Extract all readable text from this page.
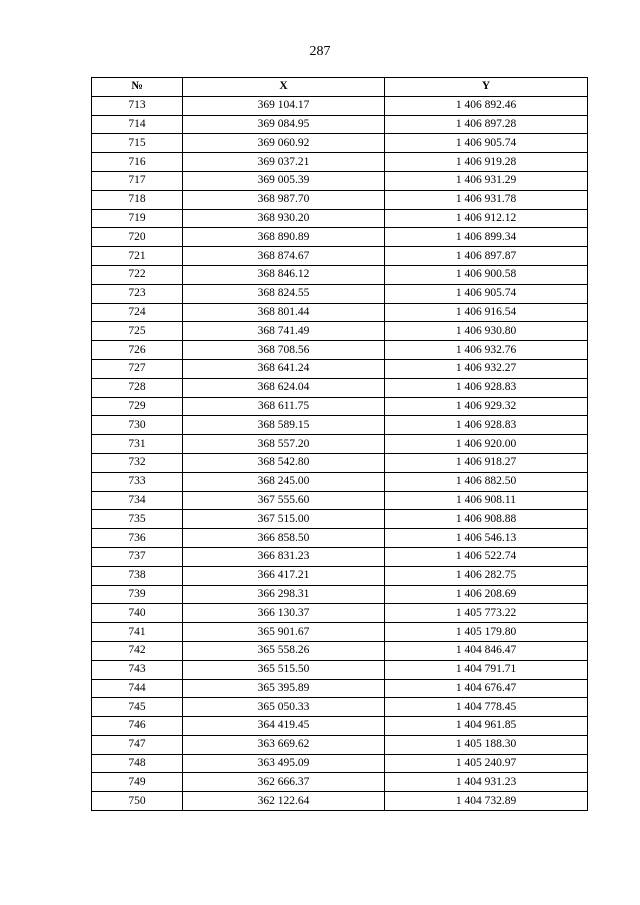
287
№	X	Y
713	369 104.17	1 406 892.46
714	369 084.95	1 406 897.28
715	369 060.92	1 406 905.74
716	369 037.21	1 406 919.28
717	369 005.39	1 406 931.29
718	368 987.70	1 406 931.78
719	368 930.20	1 406 912.12
720	368 890.89	1 406 899.34
721	368 874.67	1 406 897.87
722	368 846.12	1 406 900.58
723	368 824.55	1 406 905.74
724	368 801.44	1 406 916.54
725	368 741.49	1 406 930.80
726	368 708.56	1 406 932.76
727	368 641.24	1 406 932.27
728	368 624.04	1 406 928.83
729	368 611.75	1 406 929.32
730	368 589.15	1 406 928.83
731	368 557.20	1 406 920.00
732	368 542.80	1 406 918.27
733	368 245.00	1 406 882.50
734	367 555.60	1 406 908.11
735	367 515.00	1 406 908.88
736	366 858.50	1 406 546.13
737	366 831.23	1 406 522.74
738	366 417.21	1 406 282.75
739	366 298.31	1 406 208.69
740	366 130.37	1 405 773.22
741	365 901.67	1 405 179.80
742	365 558.26	1 404 846.47
743	365 515.50	1 404 791.71
744	365 395.89	1 404 676.47
745	365 050.33	1 404 778.45
746	364 419.45	1 404 961.85
747	363 669.62	1 405 188.30
748	363 495.09	1 405 240.97
749	362 666.37	1 404 931.23
750	362 122.64	1 404 732.89
